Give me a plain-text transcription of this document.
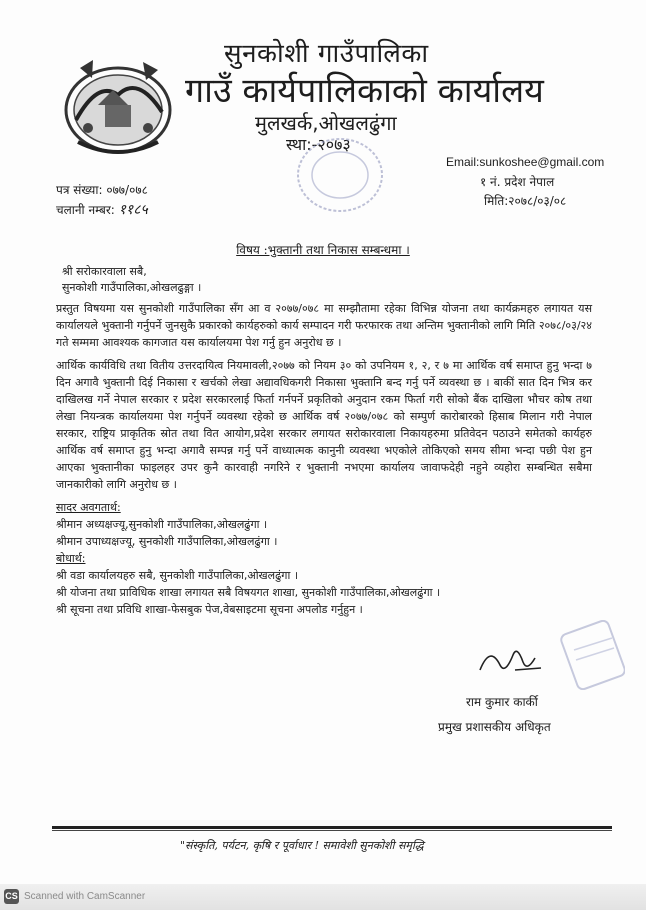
सुनकोशी गाउँपालिका
गाउँ कार्यपालिकाको कार्यालय
मुलखर्क,ओखलढुंगा
स्था:-२०७३
Email:sunkoshee@gmail.com
१ नं. प्रदेश नेपाल
मिति:२०७८/०३/०८
पत्र संख्या: ०७७/०७८
चलानी नम्बर: ११८५
विषय :भुक्तानी तथा निकास सम्बन्धमा ।
श्री सरोकारवाला सबै,
सुनकोशी गाउँपालिका,ओखलढुङ्गा ।

प्रस्तुत विषयमा यस सुनकोशी गाउँपालिका सँग आ व २०७७/०७८ मा सम्झौतामा रहेका विभिन्न योजना तथा कार्यक्रमहरु लगायत यस कार्यालयले भुक्तानी गर्नुपर्ने जुनसुकै प्रकारको कार्यहरुको कार्य सम्पादन गरी फरफारक तथा अन्तिम भुक्तानीको लागि मिति २०७८/०३/२४ गते सम्ममा आवश्यक कागजात यस कार्यालयमा पेश गर्नु हुन अनुरोध छ ।

आर्थिक कार्यविधि तथा वितीय उत्तरदायित्व नियमावली,२०७७ को नियम ३० को उपनियम १, २, र ७ मा आर्थिक वर्ष समाप्त हुनु भन्दा ७ दिन अगावै भुक्तानी दिई निकासा र खर्चको लेखा अद्यावधिकगरी निकासा भुक्तानि बन्द गर्नु पर्ने व्यवस्था छ । बाकीं सात दिन भित्र कर दाखिलख गर्ने नेपाल सरकार र प्रदेश सरकारलाई फिर्ता गर्नपर्ने प्रकृतिको अनुदान रकम फिर्ता गरी सोको बैंक दाखिला भौचर कोष तथा लेखा नियन्त्रक कार्यालयमा पेश गर्नुपर्ने व्यवस्था रहेको छ आर्थिक वर्ष २०७७/०७८ को सम्पुर्ण कारोबारको हिसाब मिलान गरी नेपाल सरकार, राष्ट्रिय प्राकृतिक स्रोत तथा वित आयोग,प्रदेश सरकार लगायत सरोकारवाला निकायहरुमा प्रतिवेदन पठाउने समेतको कार्यहरु आर्थिक वर्ष समाप्त हुनु भन्दा अगावै सम्पन्न गर्नु पर्ने वाध्यात्मक कानुनी व्यवस्था भएकोले तोकिएको समय सीमा भन्दा पछी पेश हुन आएका भुक्तानीका फाइलहर उपर कुनै कारवाही नगरिने र भुक्तानी नभएमा कार्यालय जावाफदेही नहुने व्यहोरा सम्बन्धित सबैमा जानकारीको लागि अनुरोध छ ।

सादर अवगतार्थ:
श्रीमान अध्यक्षज्यू,सुनकोशी गाउँपालिका,ओखलढुंगा ।
श्रीमान उपाध्यक्षज्यू, सुनकोशी गाउँपालिका,ओखलढुंगा ।
बोधार्थ:
श्री वडा कार्यालयहरु सबै, सुनकोशी गाउँपालिका,ओखलढुंगा ।
श्री योजना तथा प्राविधिक शाखा लगायत सबै विषयगत शाखा, सुनकोशी गाउँपालिका,ओखलढुंगा ।
श्री सूचना तथा प्रविधि शाखा-फेसबुक पेज,वेबसाइटमा सूचना अपलोड गर्नुहुन ।
राम कुमार कार्की
प्रमुख प्रशासकीय अधिकृत
"संस्कृति, पर्यटन, कृषि र पूर्वाधार ! समावेशी सुनकोशी समृद्धि
CS Scanned with CamScanner
